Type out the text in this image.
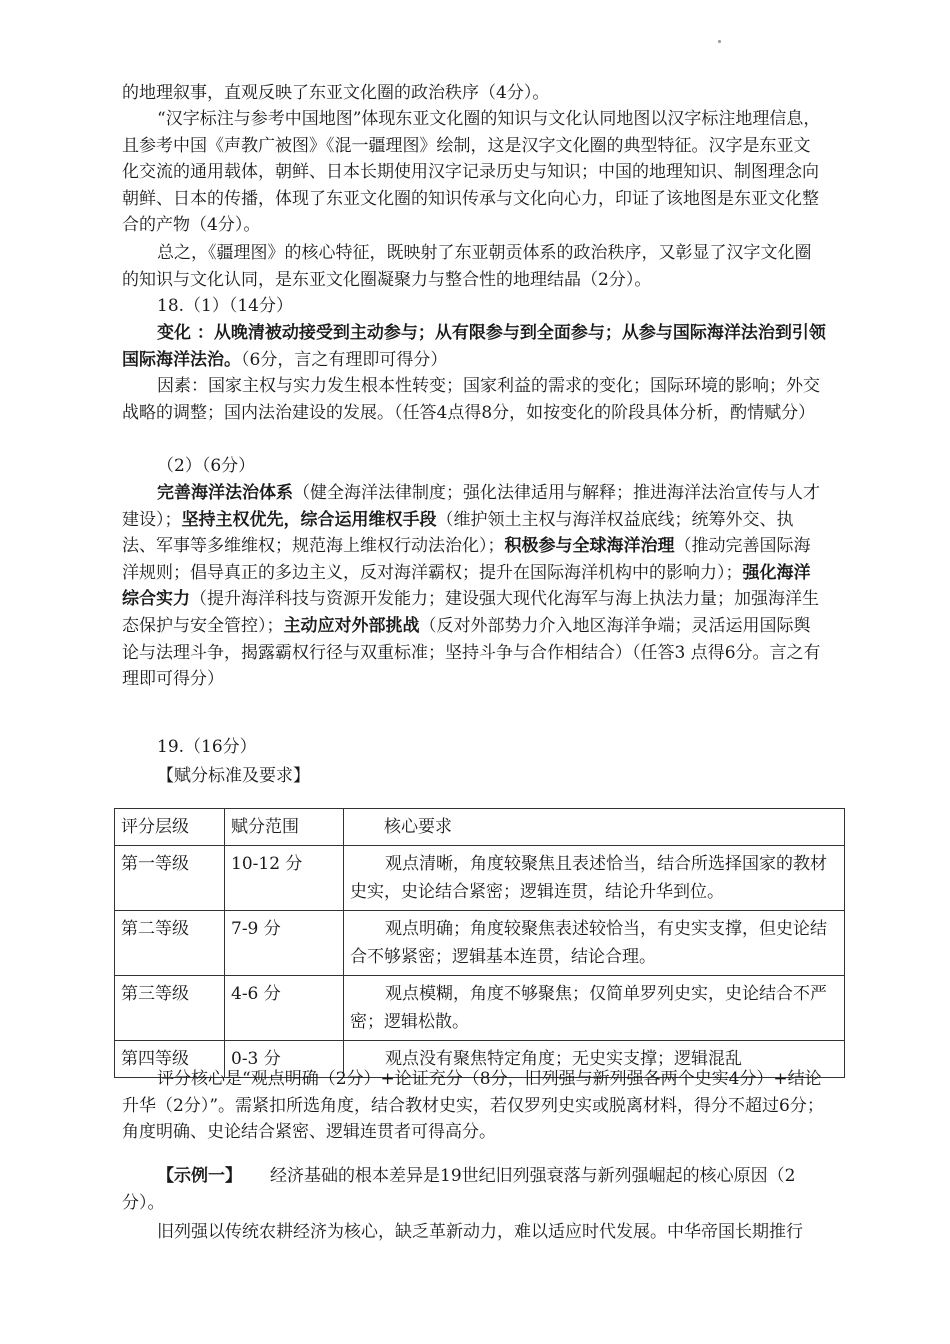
的地理叙事，直观反映了东亚文化圈的政治秩序（4分）。

“汉字标注与参考中国地图”体现东亚文化圈的知识与文化认同地图以汉字标注地理信息，且参考中国《声教广被图》《混一疆理图》绘制，这是汉字文化圈的典型特征。汉字是东亚文化交流的通用载体，朝鲜、日本长期使用汉字记录历史与知识；中国的地理知识、制图理念向朝鲜、日本的传播，体现了东亚文化圈的知识传承与文化向心力，印证了该地图是东亚文化整合的产物（4分）。

总之，《疆理图》的核心特征，既映射了东亚朝贡体系的政治秩序，又彰显了汉字文化圈的知识与文化认同，是东亚文化圈凝聚力与整合性的地理结晶（2分）。

18.（1）（14分）

变化 ：从晚清被动接受到主动参与；从有限参与到全面参与；从参与国际海洋法治到引领国际海洋法治。（6分，言之有理即可得分）

因素：国家主权与实力发生根本性转变；国家利益的需求的变化；国际环境的影响；外交战略的调整；国内法治建设的发展。（任答4点得8分，如按变化的阶段具体分析，酌情赋分）

（2）（6分）

完善海洋法治体系（健全海洋法律制度；强化法律适用与解释；推进海洋法治宣传与人才建设）；坚持主权优先，综合运用维权手段（维护领土主权与海洋权益底线；统筹外交、执法、军事等多维维权；规范海上维权行动法治化）；积极参与全球海洋治理（推动完善国际海洋规则；倡导真正的多边主义，反对海洋霸权；提升在国际海洋机构中的影响力）；强化海洋综合实力（提升海洋科技与资源开发能力；建设强大现代化海军与海上执法力量；加强海洋生态保护与安全管控）；主动应对外部挑战（反对外部势力介入地区海洋争端；灵活运用国际舆论与法理斗争，揭露霸权行径与双重标准；坚持斗争与合作相结合）（任答3 点得6分。言之有理即可得分）

19.（16分）

【赋分标准及要求】

评分层级	赋分范围	核心要求
第一等级	10-12 分	观点清晰，角度较聚焦且表述恰当，结合所选择国家的教材史实，史论结合紧密；逻辑连贯，结论升华到位。
第二等级	7-9 分	观点明确；角度较聚焦表述较恰当，有史实支撑，但史论结合不够紧密；逻辑基本连贯，结论合理。
第三等级	4-6 分	观点模糊，角度不够聚焦；仅简单罗列史实，史论结合不严密；逻辑松散。
第四等级	0-3 分	观点没有聚焦特定角度；无史实支撑；逻辑混乱

评分核心是“观点明确（2分）+论证充分（8分，旧列强与新列强各两个史实4分）+结论升华（2分）”。需紧扣所选角度，结合教材史实，若仅罗列史实或脱离材料，得分不超过6分；角度明确、史论结合紧密、逻辑连贯者可得高分。

【示例一】 经济基础的根本差异是19世纪旧列强衰落与新列强崛起的核心原因（2分）。

旧列强以传统农耕经济为核心，缺乏革新动力，难以适应时代发展。中华帝国长期推行
